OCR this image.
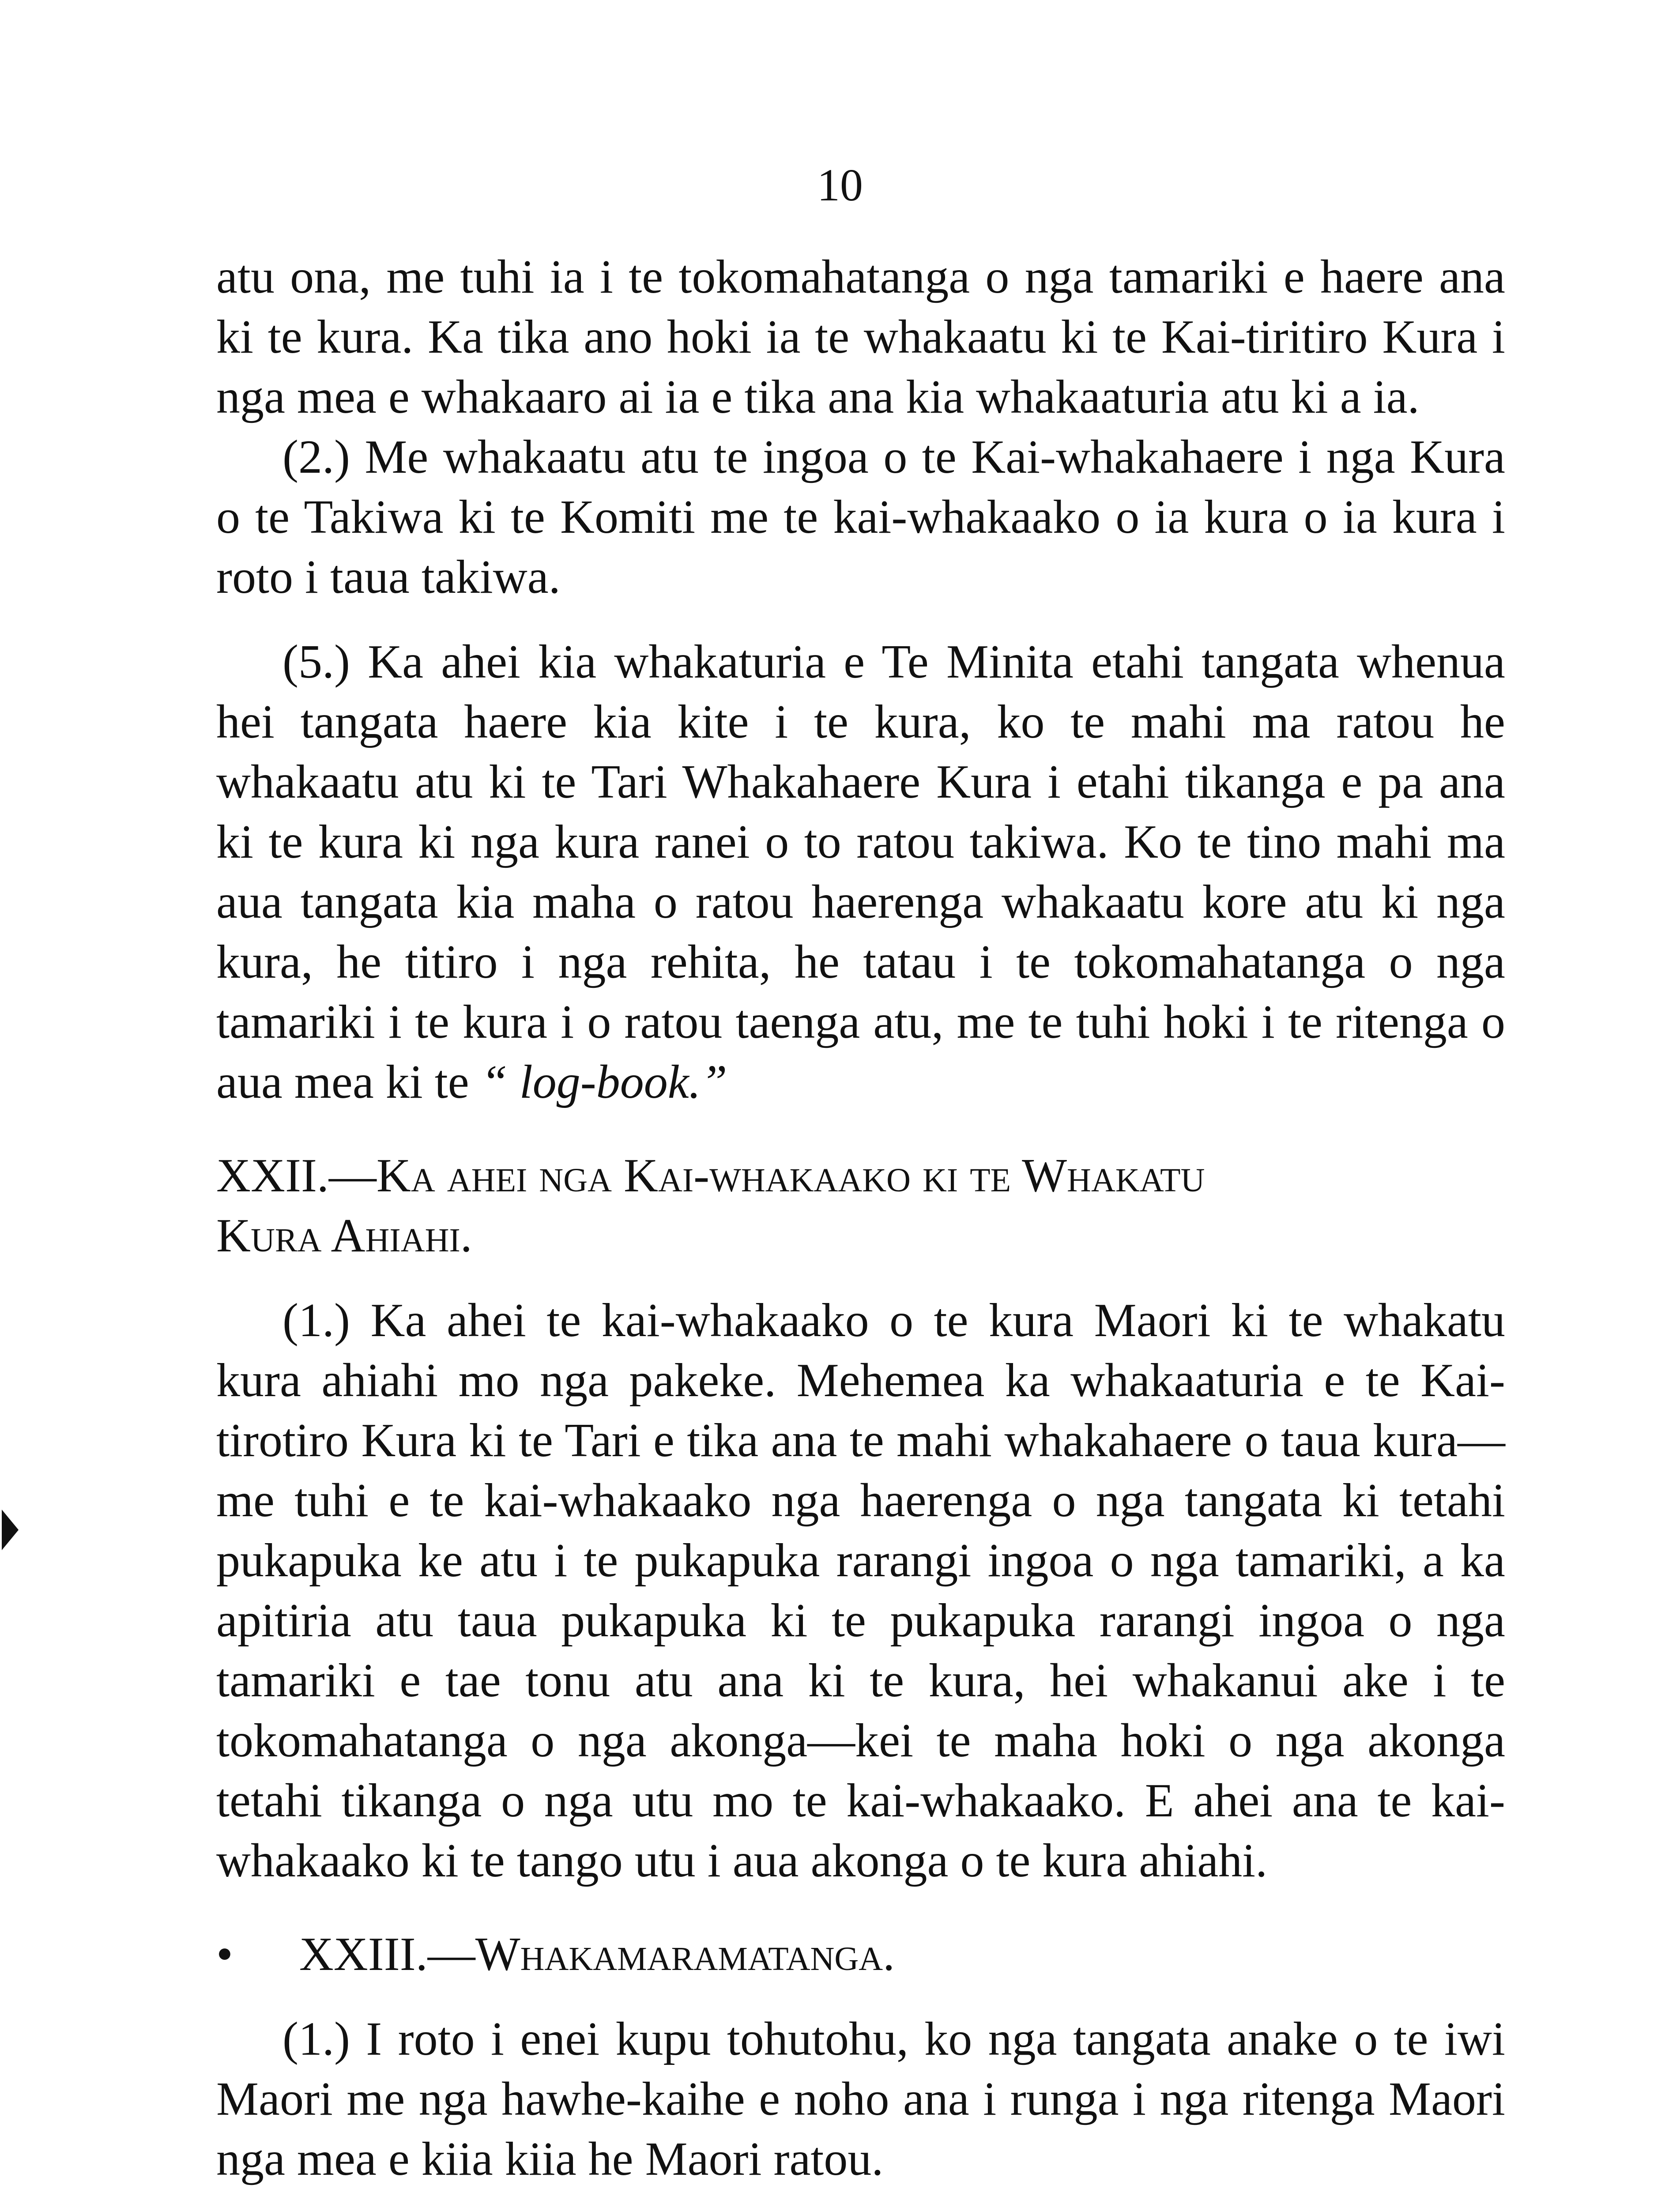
10

atu ona, me tuhi ia i te tokomahatanga o nga tamariki e haere ana ki te kura. Ka tika ano hoki ia te whakaatu ki te Kai-tiritiro Kura i nga mea e whakaaro ai ia e tika ana kia whakaaturia atu ki a ia.

(2.) Me whakaatu atu te ingoa o te Kai-whakahaere i nga Kura o te Takiwa ki te Komiti me te kai-whakaako o ia kura o ia kura i roto i taua takiwa.

(5.) Ka ahei kia whakaturia e Te Minita etahi tangata whenua hei tangata haere kia kite i te kura, ko te mahi ma ratou he whakaatu atu ki te Tari Whakahaere Kura i etahi tikanga e pa ana ki te kura ki nga kura ranei o to ratou takiwa. Ko te tino mahi ma aua tangata kia maha o ratou haerenga whakaatu kore atu ki nga kura, he titiro i nga rehita, he tatau i te tokomahatanga o nga tamariki i te kura i o ratou taenga atu, me te tuhi hoki i te ritenga o aua mea ki te “ log-book.”

XXII.—Ka ahei nga Kai-whakaako ki te Whakatu

Kura Ahiahi.

(1.) Ka ahei te kai-whakaako o te kura Maori ki te whakatu kura ahiahi mo nga pakeke. Mehemea ka whakaaturia e te Kai-tirotiro Kura ki te Tari e tika ana te mahi whakahaere o taua kura—me tuhi e te kai-whakaako nga haerenga o nga tangata ki tetahi pukapuka ke atu i te pukapuka rarangi ingoa o nga tamariki, a ka apitiria atu taua pukapuka ki te pukapuka rarangi ingoa o nga tamariki e tae tonu atu ana ki te kura, hei whakanui ake i te tokomahatanga o nga akonga—kei te maha hoki o nga akonga tetahi tikanga o nga utu mo te kai-whakaako. E ahei ana te kai-whakaako ki te tango utu i aua akonga o te kura ahiahi.

• XXIII.—Whakamaramatanga.

(1.) I roto i enei kupu tohutohu, ko nga tangata anake o te iwi Maori me nga hawhe-kaihe e noho ana i runga i nga ritenga Maori nga mea e kiia kiia he Maori ratou.
